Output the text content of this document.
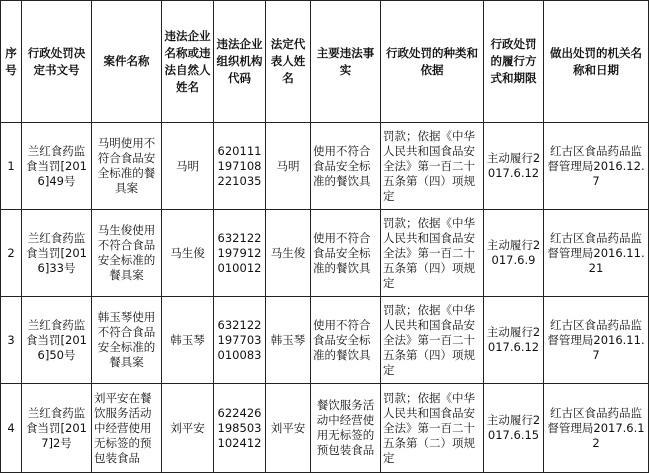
序号	行政处罚决定书文号	案件名称	违法企业名称或违法自然人姓名	违法企业组织机构代码	法定代表人姓名	主要违法事实	行政处罚的种类和依据	行政处罚的履行方式和期限	做出处罚的机关名称和日期
1	兰红食药监食当罚[2016]49号	马明使用不符合食品安全标准的餐具案	马明	620111197108221035	马明	使用不符合食品安全标准的餐饮具	罚款；依据《中华人民共和国食品安全法》第一百二十五条第（四）项规定	主动履行2017.6.12	红古区食品药品监督管理局2016.12.7
2	兰红食药监食当罚[2016]33号	马生俊使用不符合食品安全标准的餐具案	马生俊	632122197912010012	马生俊	使用不符合食品安全标准的餐饮具	罚款；依据《中华人民共和国食品安全法》第一百二十五条第（四）项规定	主动履行2017.6.9	红古区食品药品监督管理局2016.11.21
3	兰红食药监食当罚[2016]50号	韩玉琴使用不符合食品安全标准的餐具案	韩玉琴	632122197703010083	韩玉琴	使用不符合食品安全标准的餐饮具	罚款；依据《中华人民共和国食品安全法》第一百二十五条第（四）项规定	主动履行2017.6.12	红古区食品药品监督管理局2016.11.7
4	兰红食药监食当罚[2017]2号	刘平安在餐饮服务活动中经营使用无标签的预包装食品	刘平安	622426198503102412	刘平安	餐饮服务活动中经营使用无标签的预包装食品	罚款；依据《中华人民共和国食品安全法》第一百二十五条第（二）项规定	主动履行2017.6.15	红古区食品药品监督管理局2017.6.12
